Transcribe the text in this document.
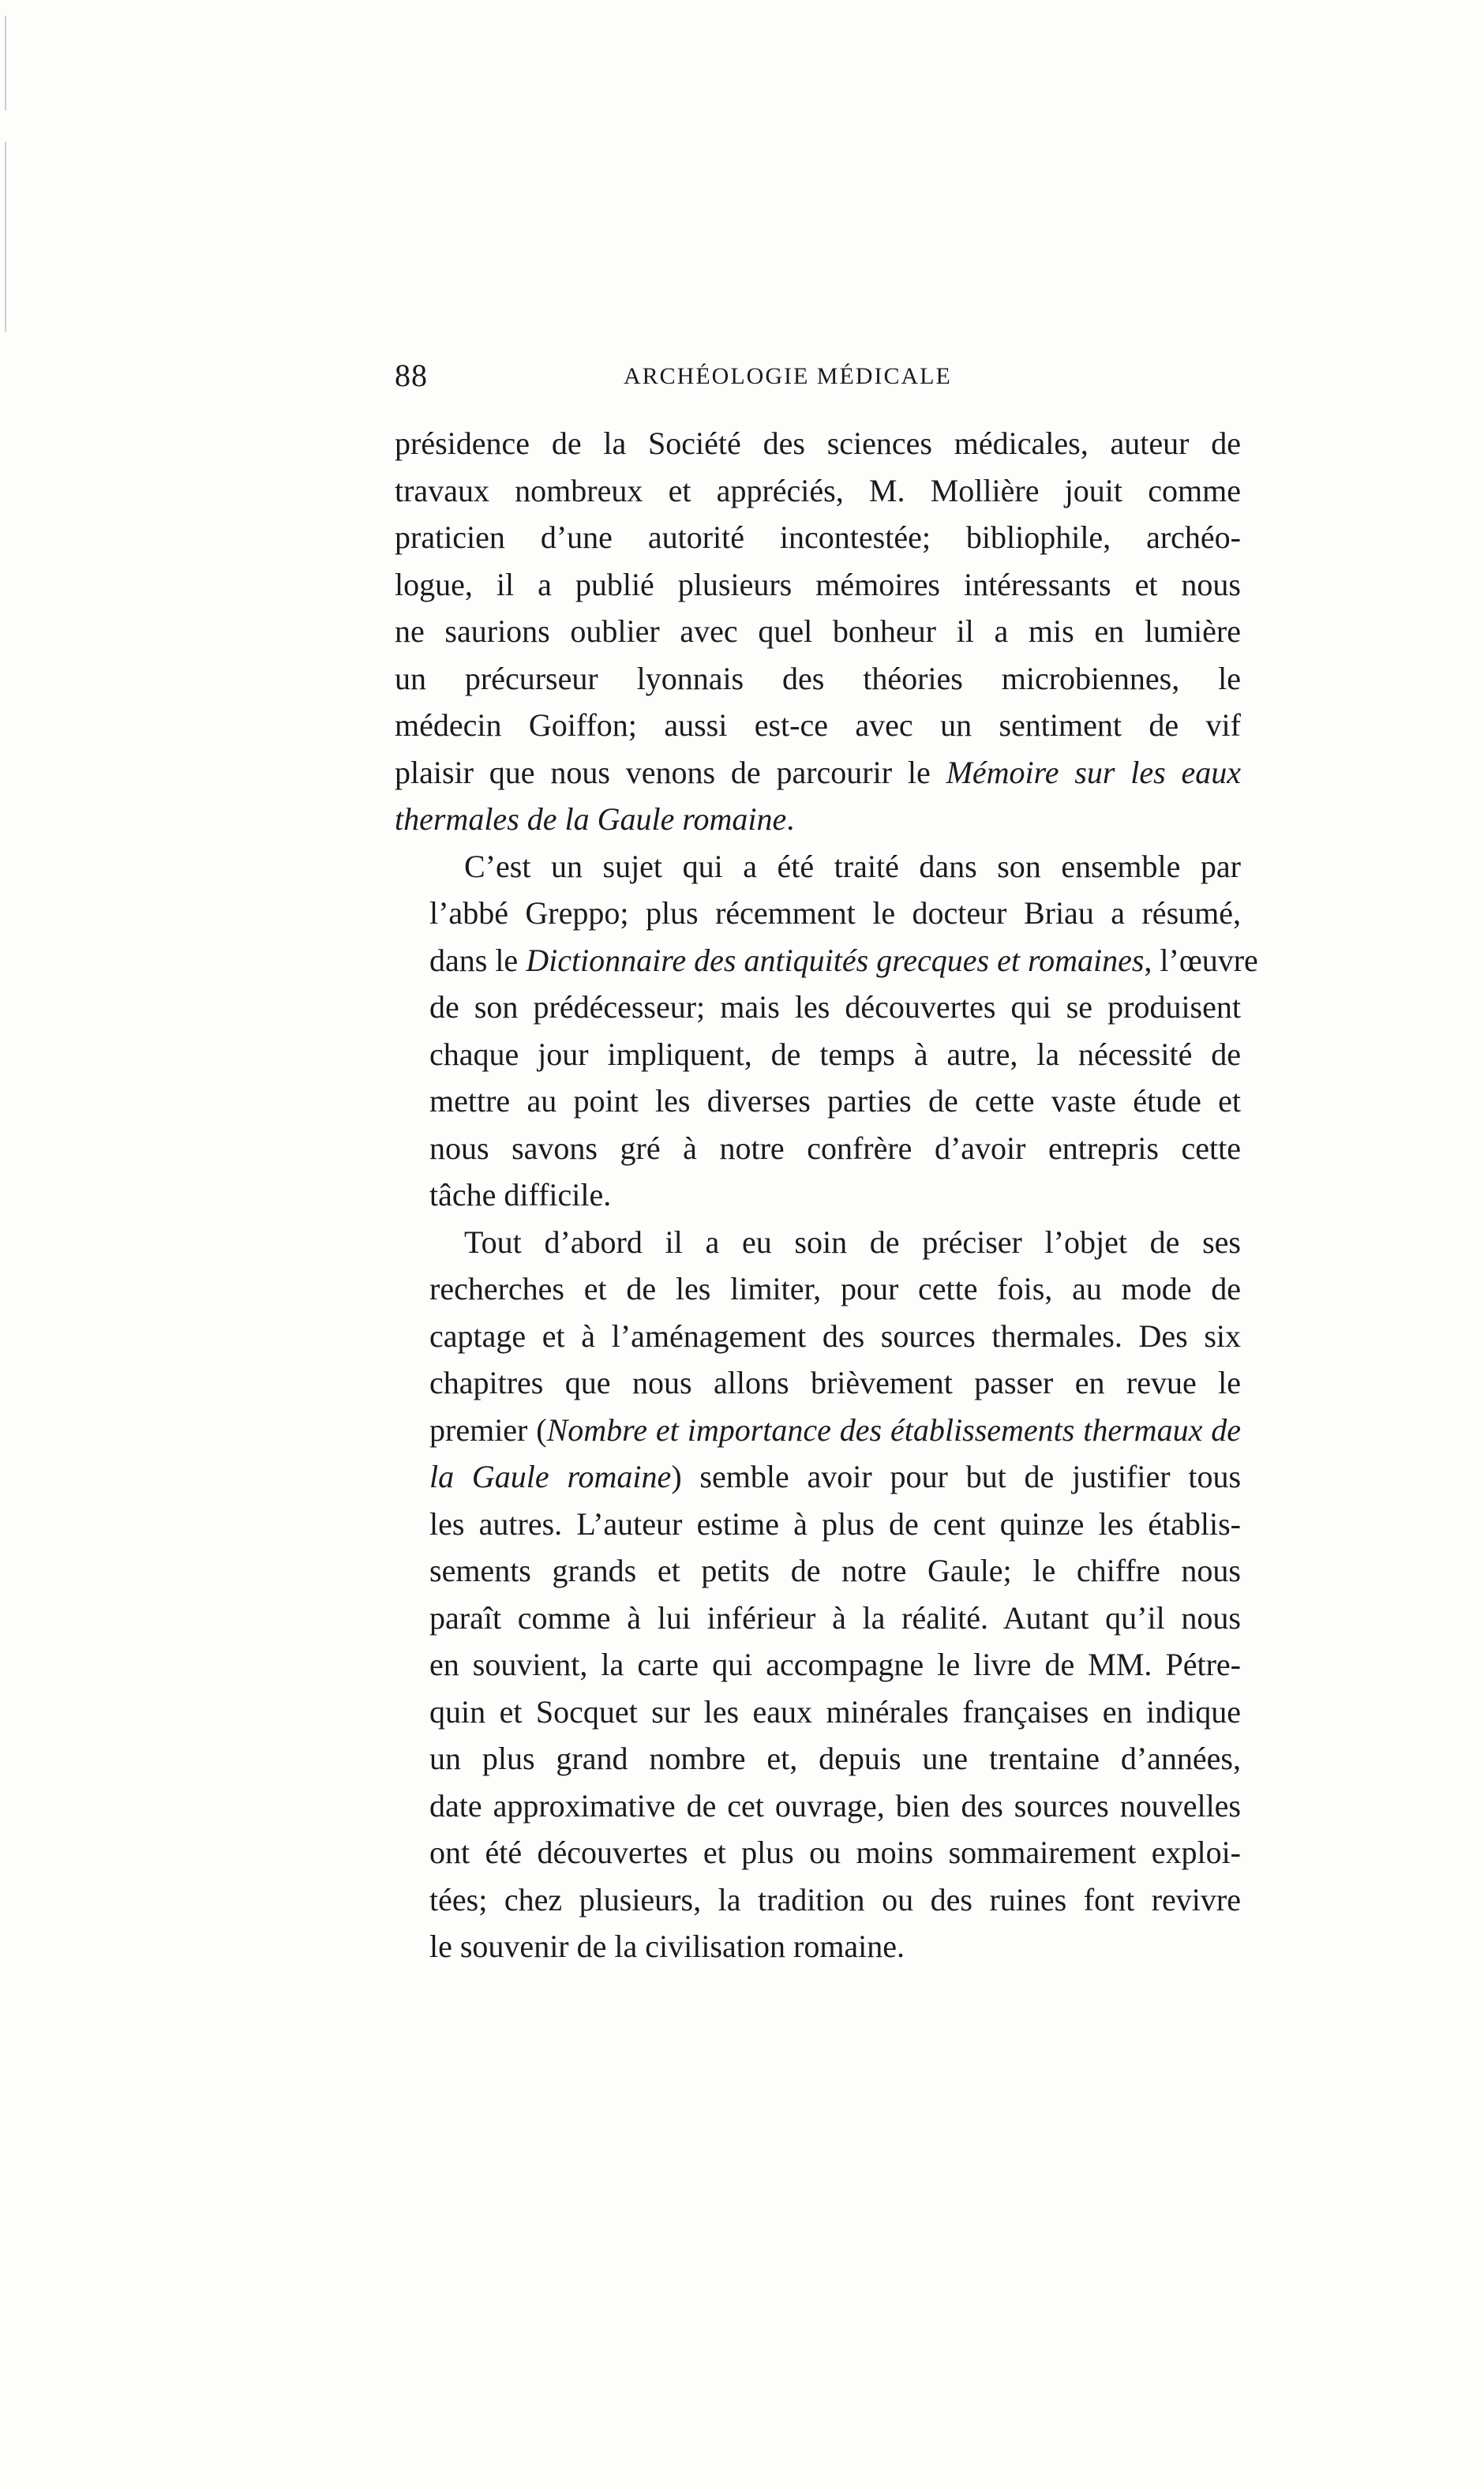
88	ARCHÉOLOGIE MÉDICALE
présidence de la Société des sciences médicales, auteur de
travaux nombreux et appréciés, M. Mollière jouit comme
praticien d’une autorité incontestée; bibliophile, archéo-
logue, il a publié plusieurs mémoires intéressants et nous
ne saurions oublier avec quel bonheur il a mis en lumière
un précurseur lyonnais des théories microbiennes, le
médecin Goiffon; aussi est-ce avec un sentiment de vif
plaisir que nous venons de parcourir le Mémoire sur les eaux
thermales de la Gaule romaine.
C’est un sujet qui a été traité dans son ensemble par
l’abbé Greppo; plus récemment le docteur Briau a résumé,
dans le Dictionnaire des antiquités grecques et romaines, l’œuvre
de son prédécesseur; mais les découvertes qui se produisent
chaque jour impliquent, de temps à autre, la nécessité de
mettre au point les diverses parties de cette vaste étude et
nous savons gré à notre confrère d’avoir entrepris cette
tâche difficile.
Tout d’abord il a eu soin de préciser l’objet de ses
recherches et de les limiter, pour cette fois, au mode de
captage et à l’aménagement des sources thermales. Des six
chapitres que nous allons brièvement passer en revue le
premier (Nombre et importance des établissements thermaux de
la Gaule romaine) semble avoir pour but de justifier tous
les autres. L’auteur estime à plus de cent quinze les établis-
sements grands et petits de notre Gaule; le chiffre nous
paraît comme à lui inférieur à la réalité. Autant qu’il nous
en souvient, la carte qui accompagne le livre de MM. Pétre-
quin et Socquet sur les eaux minérales françaises en indique
un plus grand nombre et, depuis une trentaine d’années,
date approximative de cet ouvrage, bien des sources nouvelles
ont été découvertes et plus ou moins sommairement exploi-
tées; chez plusieurs, la tradition ou des ruines font revivre
le souvenir de la civilisation romaine.
